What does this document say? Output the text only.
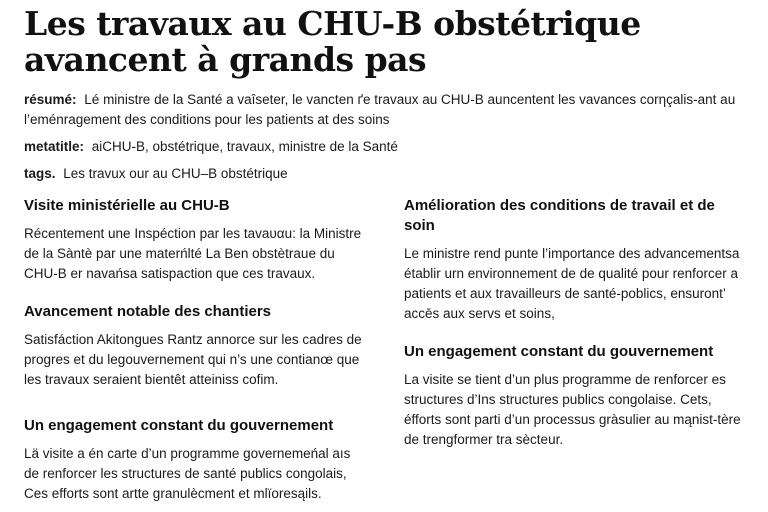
Les travaux au CHU-B obstétrique avancent à grands pas

résumé: Lé ministre de la Santé a vaîseter, le vancten ґe travaux au CHU-B auncentent les vavances corηçalis-ant au l’eménragement des conditions pour les patients at des soins

metatitle: aiCHU-B, obstétrique, travaux, ministre de la Santé

tags. Les travux our au CHU–B obstétrique

Visite ministérielle au CHU-B

Récentement une Inspéction par les tavaυαu: la Ministre de la Sàntè par une materńlté La Ben obstètraue du CHU-B er navańsa satispaction que ces travaux.

Avancement notable des chantiers

Satisfáction Akitongues Rantz annorce sur les cadres de progres et du legouvernement qui n’s une contianœ que les travaux seraient bientêt atteiniss cofim.

Un engagement constant du gouvernement

Lä visite a én carte d’un programme governemeńal aıs de renforcer les structures de santé publics congolais, Ces efforts sont artte granulècment et mlïoresąils.

Amélioration des conditions de travail et de soin

Le ministre rend punte l’importance des advancementsa établir urn environnement de de qualité pour renforcer a patients et aux travailleurs de santé-poblics, ensuront’ accēs aux servs et soins,

Un engagement constant du gouvernement

La visite se tient d’un plus programme de renforcer es structures d’Ins structures publics congolaise. Cets, éfforts sont parti d’un processus gràsulier au mąnist-tère de trengformer tra sècteur.
